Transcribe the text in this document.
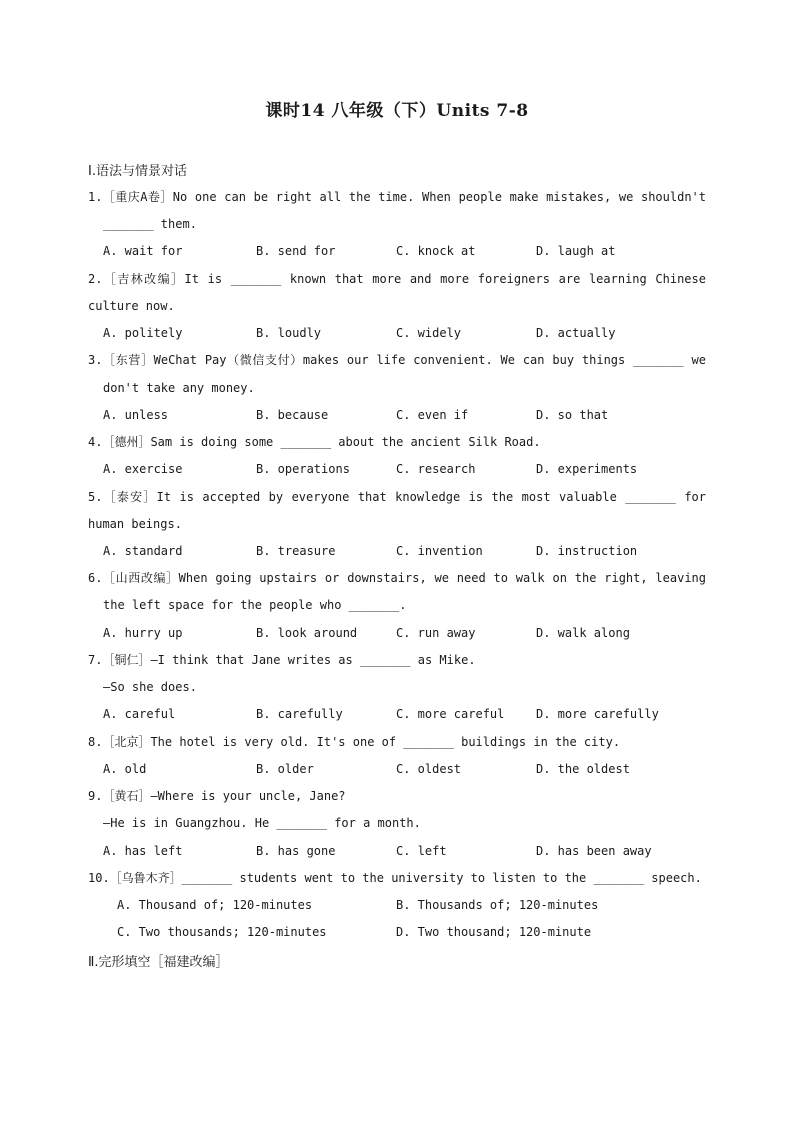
课时14 八年级（下）Units 7-8
Ⅰ.语法与情景对话
1.［重庆A卷］No one can be right all the time. When people make mistakes, we shouldn't
_______ them.
A. wait for	B. send for	C. knock at	D. laugh at
2.［吉林改编］It is _______ known that more and more foreigners are learning Chinese
culture now.
A. politely	B. loudly	C. widely	D. actually
3.［东营］WeChat Pay（微信支付）makes our life convenient. We can buy things _______ we
don't take any money.
A. unless	B. because	C. even if	D. so that
4.［德州］Sam is doing some _______ about the ancient Silk Road.
A. exercise	B. operations	C. research	D. experiments
5.［泰安］It is accepted by everyone that knowledge is the most valuable _______ for
human beings.
A. standard	B. treasure	C. invention	D. instruction
6.［山西改编］When going upstairs or downstairs, we need to walk on the right, leaving
the left space for the people who _______.
A. hurry up	B. look around	C. run away	D. walk along
7.［铜仁］—I think that Jane writes as _______ as Mike.
—So she does.
A. careful	B. carefully	C. more careful	D. more carefully
8.［北京］The hotel is very old. It's one of _______ buildings in the city.
A. old	B. older	C. oldest	D. the oldest
9.［黄石］—Where is your uncle, Jane?
—He is in Guangzhou. He _______ for a month.
A. has left	B. has gone	C. left	D. has been away
10.［乌鲁木齐］_______ students went to the university to listen to the _______ speech.
A. Thousand of; 120-minutes	B. Thousands of; 120-minutes
C. Two thousands; 120-minutes	D. Two thousand; 120-minute
Ⅱ.完形填空［福建改编］
